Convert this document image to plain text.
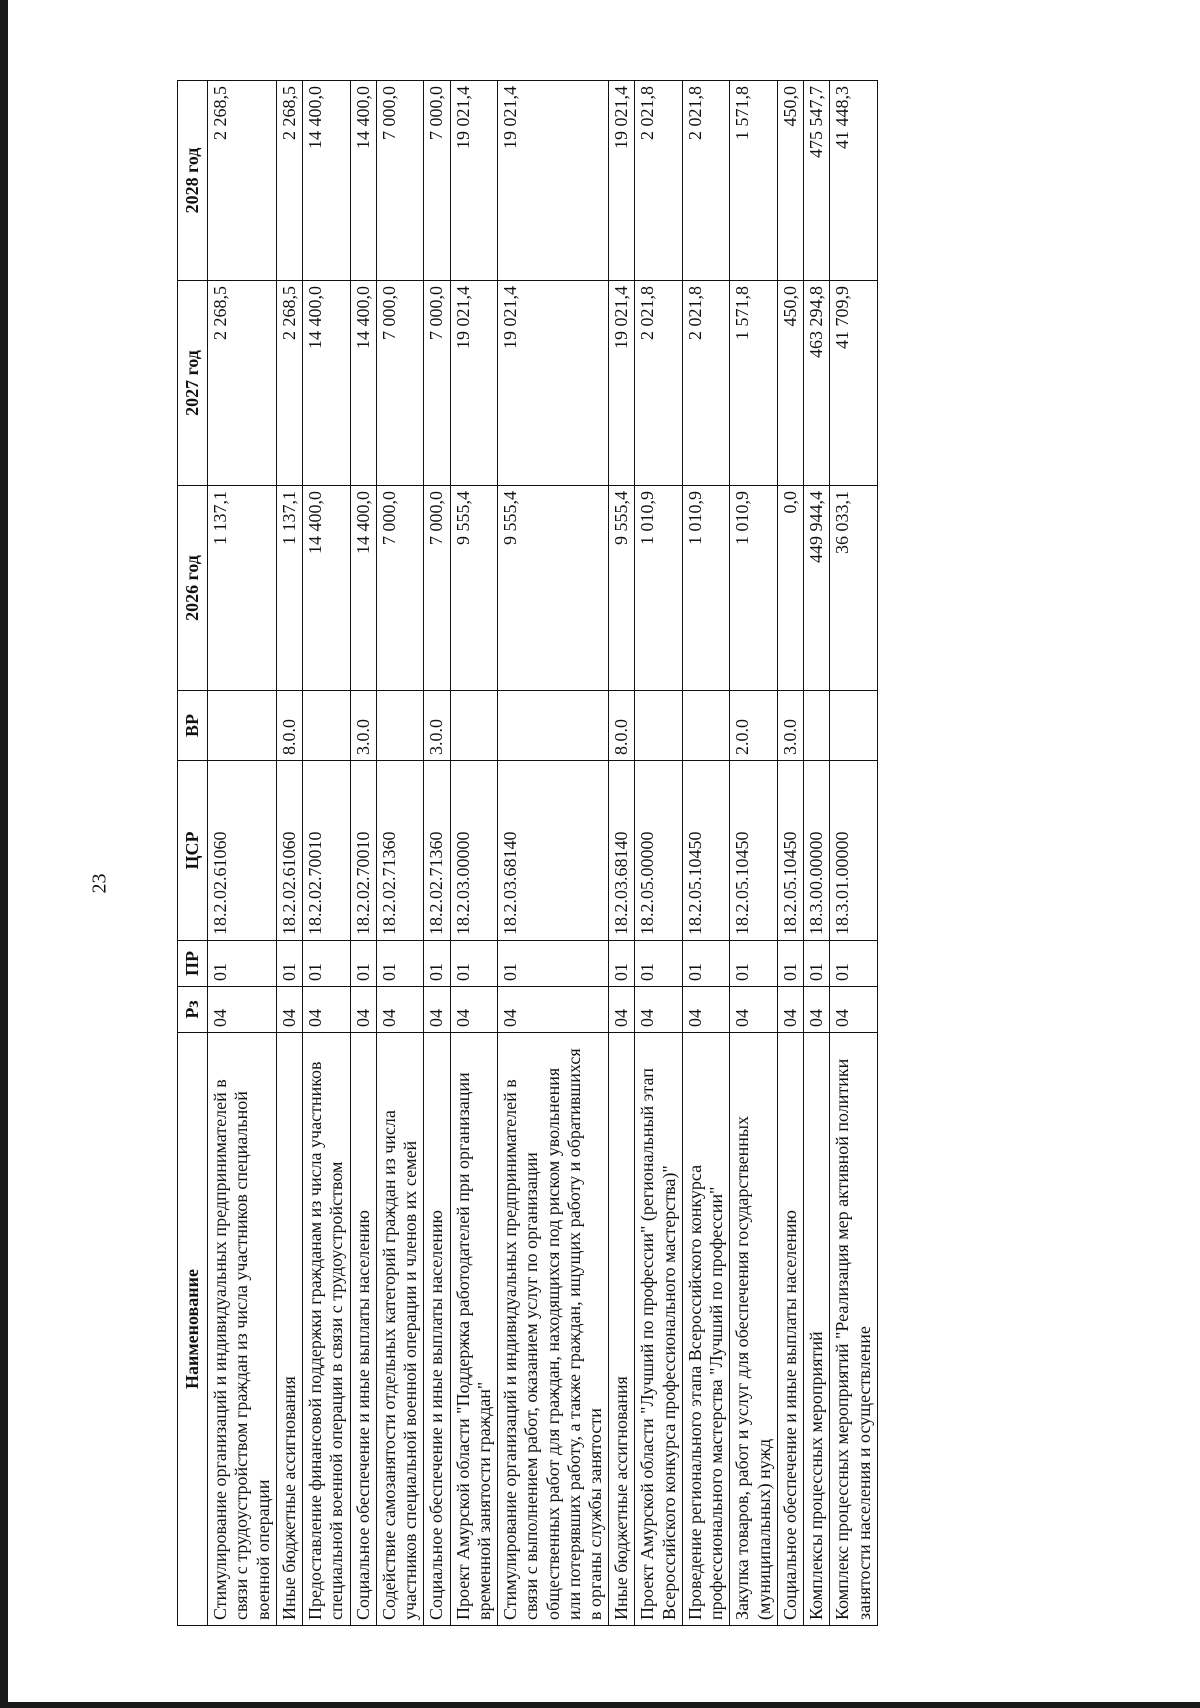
23
Наименование	Рз	ПР	ЦСР	ВР	2026 год	2027 год	2028 год
Стимулирование организаций и индивидуальных предпринимателей в связи с трудоустройством граждан из числа участников специальной военной операции	04	01	18.2.02.61060		1 137,1	2 268,5	2 268,5
Иные бюджетные ассигнования	04	01	18.2.02.61060	8.0.0	1 137,1	2 268,5	2 268,5
Предоставление финансовой поддержки гражданам из числа участников специальной военной операции в связи с трудоустройством	04	01	18.2.02.70010		14 400,0	14 400,0	14 400,0
Социальное обеспечение и иные выплаты населению	04	01	18.2.02.70010	3.0.0	14 400,0	14 400,0	14 400,0
Содействие самозанятости отдельных категорий граждан из числа участников специальной военной операции и членов их семей	04	01	18.2.02.71360		7 000,0	7 000,0	7 000,0
Социальное обеспечение и иные выплаты населению	04	01	18.2.02.71360	3.0.0	7 000,0	7 000,0	7 000,0
Проект Амурской области "Поддержка работодателей при организации временной занятости граждан"	04	01	18.2.03.00000		9 555,4	19 021,4	19 021,4
Стимулирование организаций и индивидуальных предпринимателей в связи с выполнением работ, оказанием услуг по организации общественных работ для граждан, находящихся под риском увольнения или потерявших работу, а также граждан, ищущих работу и обратившихся в органы службы занятости	04	01	18.2.03.68140		9 555,4	19 021,4	19 021,4
Иные бюджетные ассигнования	04	01	18.2.03.68140	8.0.0	9 555,4	19 021,4	19 021,4
Проект Амурской области "Лучший по профессии" (региональный этап Всероссийского конкурса профессионального мастерства)"	04	01	18.2.05.00000		1 010,9	2 021,8	2 021,8
Проведение регионального этапа Всероссийского конкурса профессионального мастерства "Лучший по профессии"	04	01	18.2.05.10450		1 010,9	2 021,8	2 021,8
Закупка товаров, работ и услуг для обеспечения государственных (муниципальных) нужд	04	01	18.2.05.10450	2.0.0	1 010,9	1 571,8	1 571,8
Социальное обеспечение и иные выплаты населению	04	01	18.2.05.10450	3.0.0	0,0	450,0	450,0
Комплексы процессных мероприятий	04	01	18.3.00.00000		449 944,4	463 294,8	475 547,7
Комплекс процессных мероприятий "Реализация мер активной политики занятости населения и осуществление	04	01	18.3.01.00000		36 033,1	41 709,9	41 448,3
